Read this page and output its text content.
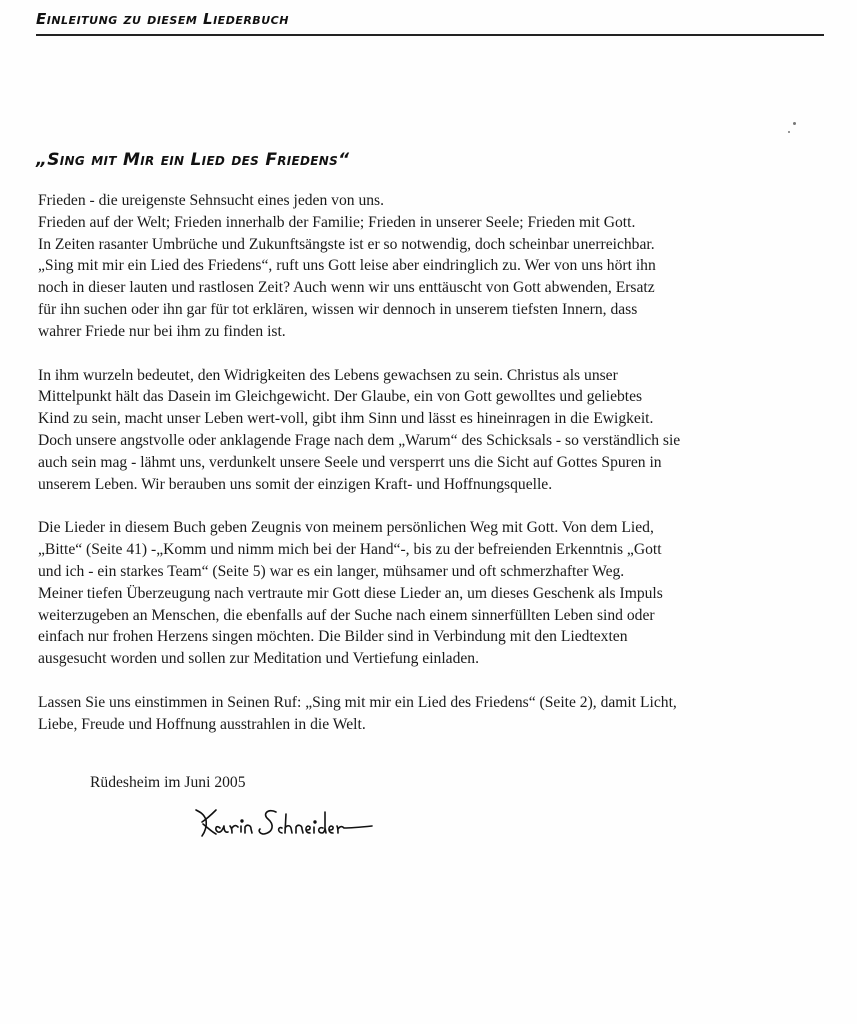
Einleitung zu diesem Liederbuch
„Sing mit Mir ein Lied des Friedens“

Frieden - die ureigenste Sehnsucht eines jeden von uns.
Frieden auf der Welt; Frieden innerhalb der Familie; Frieden in unserer Seele; Frieden mit Gott.
In Zeiten rasanter Umbrüche und Zukunftsängste ist er so notwendig, doch scheinbar unerreichbar.
„Sing mit mir ein Lied des Friedens“, ruft uns Gott leise aber eindringlich zu. Wer von uns hört ihn
noch in dieser lauten und rastlosen Zeit? Auch wenn wir uns enttäuscht von Gott abwenden, Ersatz
für ihn suchen oder ihn gar für tot erklären, wissen wir dennoch in unserem tiefsten Innern, dass
wahrer Friede nur bei ihm zu finden ist.

In ihm wurzeln bedeutet, den Widrigkeiten des Lebens gewachsen zu sein. Christus als unser
Mittelpunkt hält das Dasein im Gleichgewicht. Der Glaube, ein von Gott gewolltes und geliebtes
Kind zu sein, macht unser Leben wert-voll, gibt ihm Sinn und lässt es hineinragen in die Ewigkeit.
Doch unsere angstvolle oder anklagende Frage nach dem „Warum“ des Schicksals - so verständlich sie
auch sein mag - lähmt uns, verdunkelt unsere Seele und versperrt uns die Sicht auf Gottes Spuren in
unserem Leben. Wir berauben uns somit der einzigen Kraft- und Hoffnungsquelle.

Die Lieder in diesem Buch geben Zeugnis von meinem persönlichen Weg mit Gott. Von dem Lied,
„Bitte“ (Seite 41) -„Komm und nimm mich bei der Hand“-, bis zu der befreienden Erkenntnis „Gott
und ich - ein starkes Team“ (Seite 5) war es ein langer, mühsamer und oft schmerzhafter Weg.
Meiner tiefen Überzeugung nach vertraute mir Gott diese Lieder an, um dieses Geschenk als Impuls
weiterzugeben an Menschen, die ebenfalls auf der Suche nach einem sinnerfüllten Leben sind oder
einfach nur frohen Herzens singen möchten. Die Bilder sind in Verbindung mit den Liedtexten
ausgesucht worden und sollen zur Meditation und Vertiefung einladen.

Lassen Sie uns einstimmen in Seinen Ruf: „Sing mit mir ein Lied des Friedens“ (Seite 2), damit Licht,
Liebe, Freude und Hoffnung ausstrahlen in die Welt.

Rüdesheim im Juni 2005
